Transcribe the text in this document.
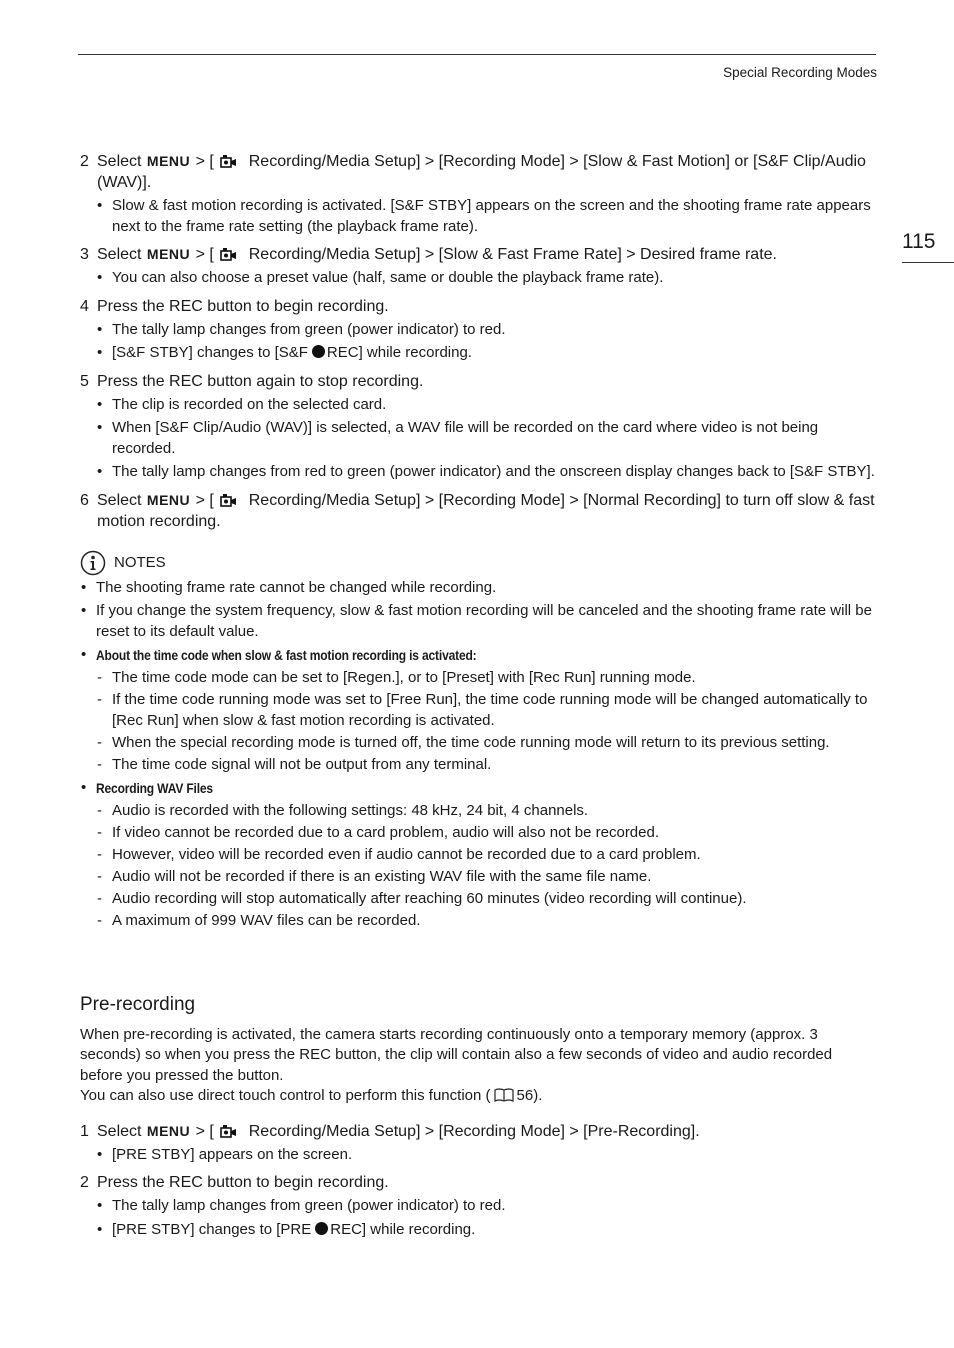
Special Recording Modes
115
2 Select MENU > [ Recording/Media Setup] > [Recording Mode] > [Slow & Fast Motion] or [S&F Clip/Audio (WAV)].
• Slow & fast motion recording is activated. [S&F STBY] appears on the screen and the shooting frame rate appears next to the frame rate setting (the playback frame rate).
3 Select MENU > [ Recording/Media Setup] > [Slow & Fast Frame Rate] > Desired frame rate.
• You can also choose a preset value (half, same or double the playback frame rate).
4 Press the REC button to begin recording.
• The tally lamp changes from green (power indicator) to red.
• [S&F STBY] changes to [S&F REC] while recording.
5 Press the REC button again to stop recording.
• The clip is recorded on the selected card.
• When [S&F Clip/Audio (WAV)] is selected, a WAV file will be recorded on the card where video is not being recorded.
• The tally lamp changes from red to green (power indicator) and the onscreen display changes back to [S&F STBY].
6 Select MENU > [ Recording/Media Setup] > [Recording Mode] > [Normal Recording] to turn off slow & fast motion recording.
NOTES
• The shooting frame rate cannot be changed while recording.
• If you change the system frequency, slow & fast motion recording will be canceled and the shooting frame rate will be reset to its default value.
• About the time code when slow & fast motion recording is activated:
- The time code mode can be set to [Regen.], or to [Preset] with [Rec Run] running mode.
- If the time code running mode was set to [Free Run], the time code running mode will be changed automatically to [Rec Run] when slow & fast motion recording is activated.
- When the special recording mode is turned off, the time code running mode will return to its previous setting.
- The time code signal will not be output from any terminal.
• Recording WAV Files
- Audio is recorded with the following settings: 48 kHz, 24 bit, 4 channels.
- If video cannot be recorded due to a card problem, audio will also not be recorded.
- However, video will be recorded even if audio cannot be recorded due to a card problem.
- Audio will not be recorded if there is an existing WAV file with the same file name.
- Audio recording will stop automatically after reaching 60 minutes (video recording will continue).
- A maximum of 999 WAV files can be recorded.
Pre-recording
When pre-recording is activated, the camera starts recording continuously onto a temporary memory (approx. 3 seconds) so when you press the REC button, the clip will contain also a few seconds of video and audio recorded before you pressed the button.
You can also use direct touch control to perform this function ( 56).
1 Select MENU > [ Recording/Media Setup] > [Recording Mode] > [Pre-Recording].
• [PRE STBY] appears on the screen.
2 Press the REC button to begin recording.
• The tally lamp changes from green (power indicator) to red.
• [PRE STBY] changes to [PRE REC] while recording.
